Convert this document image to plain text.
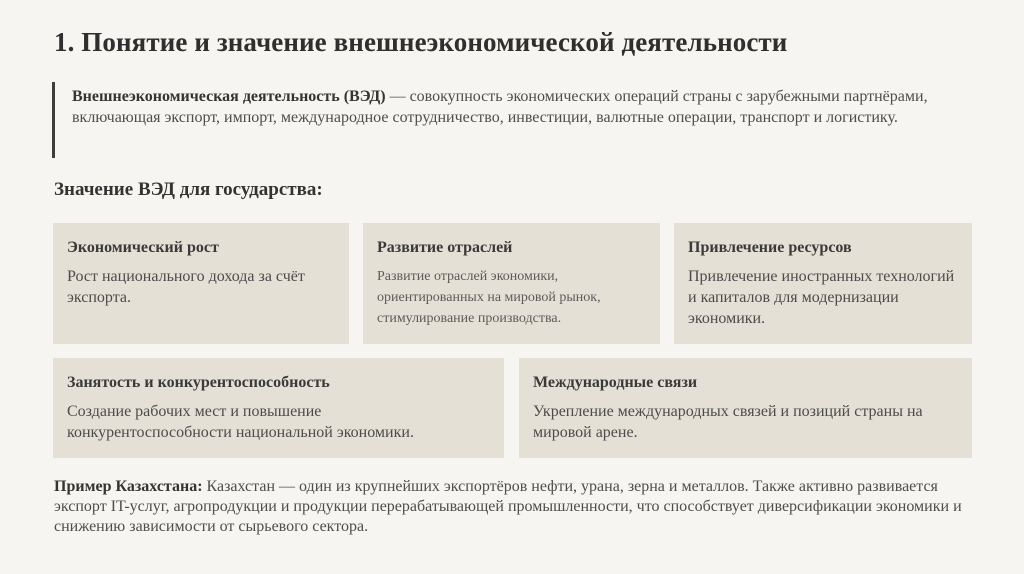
1. Понятие и значение внешнеэкономической деятельности
Внешнеэкономическая деятельность (ВЭД) — совокупность экономических операций страны с зарубежными партнёрами, включающая экспорт, импорт, международное сотрудничество, инвестиции, валютные операции, транспорт и логистику.
Значение ВЭД для государства:
Экономический рост
Рост национального дохода за счёт экспорта.
Развитие отраслей
Развитие отраслей экономики, ориентированных на мировой рынок, стимулирование производства.
Привлечение ресурсов
Привлечение иностранных технологий и капиталов для модернизации экономики.
Занятость и конкурентоспособность
Создание рабочих мест и повышение конкурентоспособности национальной экономики.
Международные связи
Укрепление международных связей и позиций страны на мировой арене.
Пример Казахстана: Казахстан — один из крупнейших экспортёров нефти, урана, зерна и металлов. Также активно развивается экспорт IT-услуг, агропродукции и продукции перерабатывающей промышленности, что способствует диверсификации экономики и снижению зависимости от сырьевого сектора.
